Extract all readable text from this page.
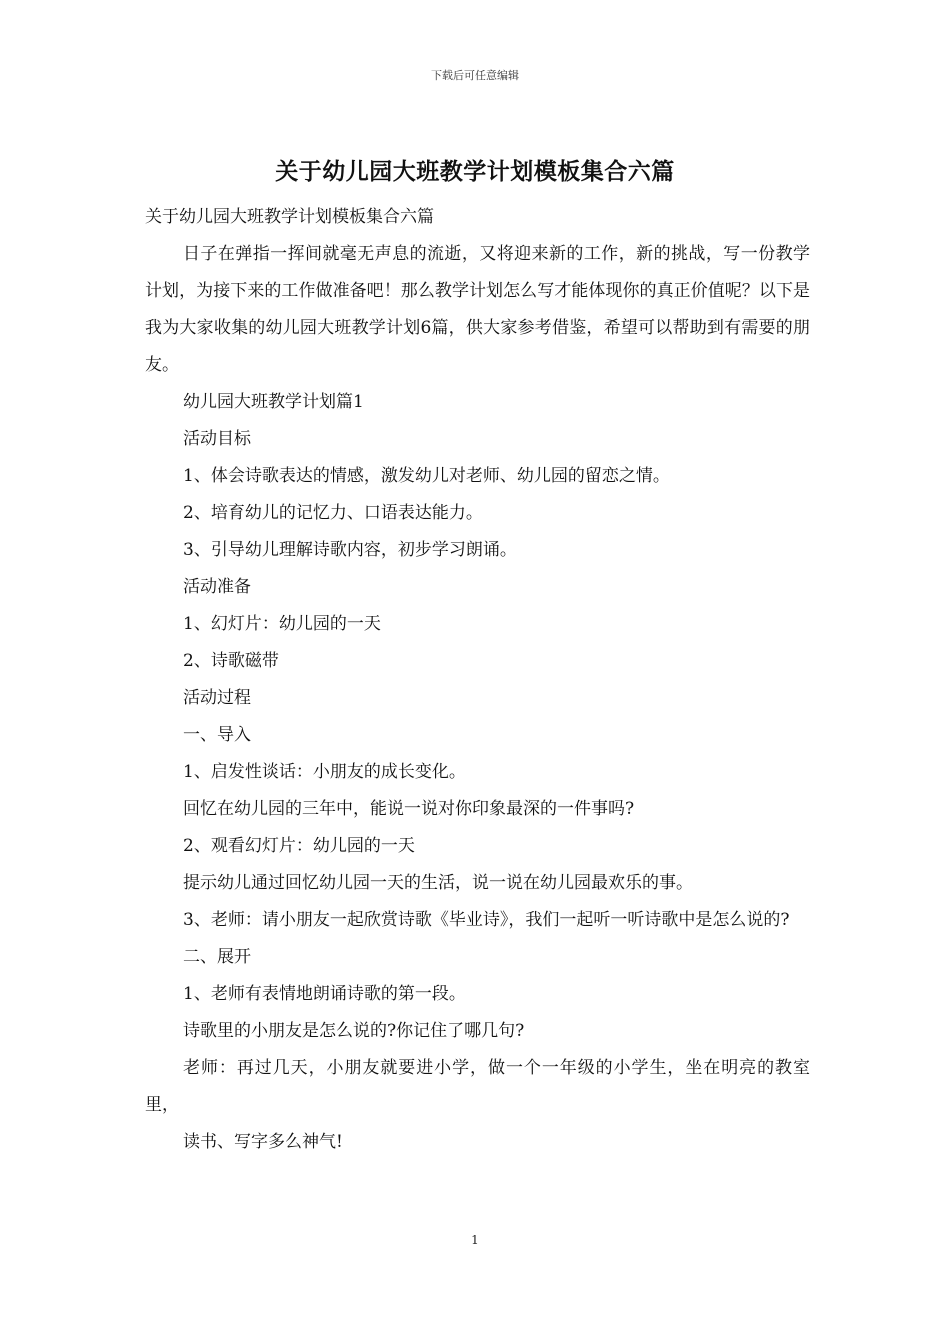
下载后可任意编辑
关于幼儿园大班教学计划模板集合六篇

关于幼儿园大班教学计划模板集合六篇

日子在弹指一挥间就毫无声息的流逝，又将迎来新的工作，新的挑战，写一份教学计划，为接下来的工作做准备吧！那么教学计划怎么写才能体现你的真正价值呢？以下是我为大家收集的幼儿园大班教学计划6篇，供大家参考借鉴，希望可以帮助到有需要的朋友。

幼儿园大班教学计划篇1

活动目标

1、体会诗歌表达的情感，激发幼儿对老师、幼儿园的留恋之情。

2、培育幼儿的记忆力、口语表达能力。

3、引导幼儿理解诗歌内容，初步学习朗诵。

活动准备

1、幻灯片：幼儿园的一天

2、诗歌磁带

活动过程

一、导入

1、启发性谈话：小朋友的成长变化。

回忆在幼儿园的三年中，能说一说对你印象最深的一件事吗?

2、观看幻灯片：幼儿园的一天

提示幼儿通过回忆幼儿园一天的生活，说一说在幼儿园最欢乐的事。

3、老师：请小朋友一起欣赏诗歌《毕业诗》，我们一起听一听诗歌中是怎么说的?

二、展开

1、老师有表情地朗诵诗歌的第一段。

诗歌里的小朋友是怎么说的?你记住了哪几句?

老师：再过几天，小朋友就要进小学，做一个一年级的小学生，坐在明亮的教室里，

读书、写字多么神气!

1
